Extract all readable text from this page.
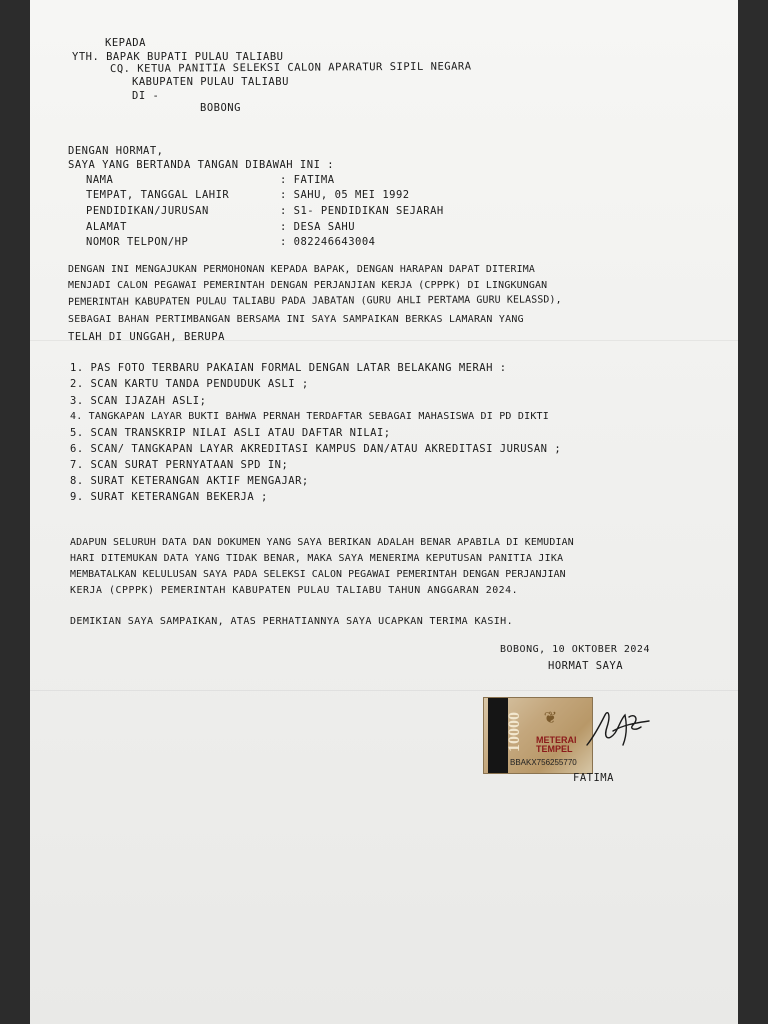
KEPADA
YTH. BAPAK BUPATI PULAU TALIABU
CQ. KETUA PANITIA SELEKSI CALON APARATUR SIPIL NEGARA
KABUPATEN PULAU TALIABU
DI -
BOBONG
DENGAN HORMAT,
SAYA YANG BERTANDA TANGAN DIBAWAH INI :
NAMA	: FATIMA
TEMPAT, TANGGAL LAHIR	: SAHU, 05 MEI 1992
PENDIDIKAN/JURUSAN	: S1- PENDIDIKAN SEJARAH
ALAMAT	: DESA SAHU
NOMOR TELPON/HP	: 082246643004
DENGAN INI MENGAJUKAN PERMOHONAN KEPADA BAPAK, DENGAN HARAPAN DAPAT DITERIMA
MENJADI CALON PEGAWAI PEMERINTAH DENGAN PERJANJIAN KERJA (CPPPK) DI LINGKUNGAN
PEMERINTAH KABUPATEN PULAU TALIABU PADA JABATAN (GURU AHLI PERTAMA GURU KELASSD),
SEBAGAI BAHAN PERTIMBANGAN BERSAMA INI SAYA SAMPAIKAN BERKAS LAMARAN YANG
TELAH DI UNGGAH, BERUPA
1. PAS FOTO TERBARU PAKAIAN FORMAL DENGAN LATAR BELAKANG MERAH :
2. SCAN KARTU TANDA PENDUDUK ASLI ;
3. SCAN IJAZAH ASLI;
4. TANGKAPAN LAYAR BUKTI BAHWA PERNAH TERDAFTAR SEBAGAI MAHASISWA DI PD DIKTI
5. SCAN TRANSKRIP NILAI ASLI ATAU DAFTAR NILAI;
6. SCAN/ TANGKAPAN LAYAR AKREDITASI KAMPUS DAN/ATAU AKREDITASI JURUSAN ;
7. SCAN SURAT PERNYATAAN SPD IN;
8. SURAT KETERANGAN AKTIF MENGAJAR;
9. SURAT KETERANGAN BEKERJA ;
ADAPUN SELURUH DATA DAN DOKUMEN YANG SAYA BERIKAN ADALAH BENAR APABILA DI KEMUDIAN
HARI DITEMUKAN DATA YANG TIDAK BENAR, MAKA SAYA MENERIMA KEPUTUSAN PANITIA JIKA
MEMBATALKAN KELULUSAN SAYA PADA SELEKSI CALON PEGAWAI PEMERINTAH DENGAN PERJANJIAN
KERJA (CPPPK) PEMERINTAH KABUPATEN PULAU TALIABU TAHUN ANGGARAN 2024.
DEMIKIAN SAYA SAMPAIKAN, ATAS PERHATIANNYA SAYA UCAPKAN TERIMA KASIH.
BOBONG, 10 OKTOBER 2024
HORMAT SAYA
10000 ❦
METERAI
TEMPEL
BBAKX756255770
FATIMA
